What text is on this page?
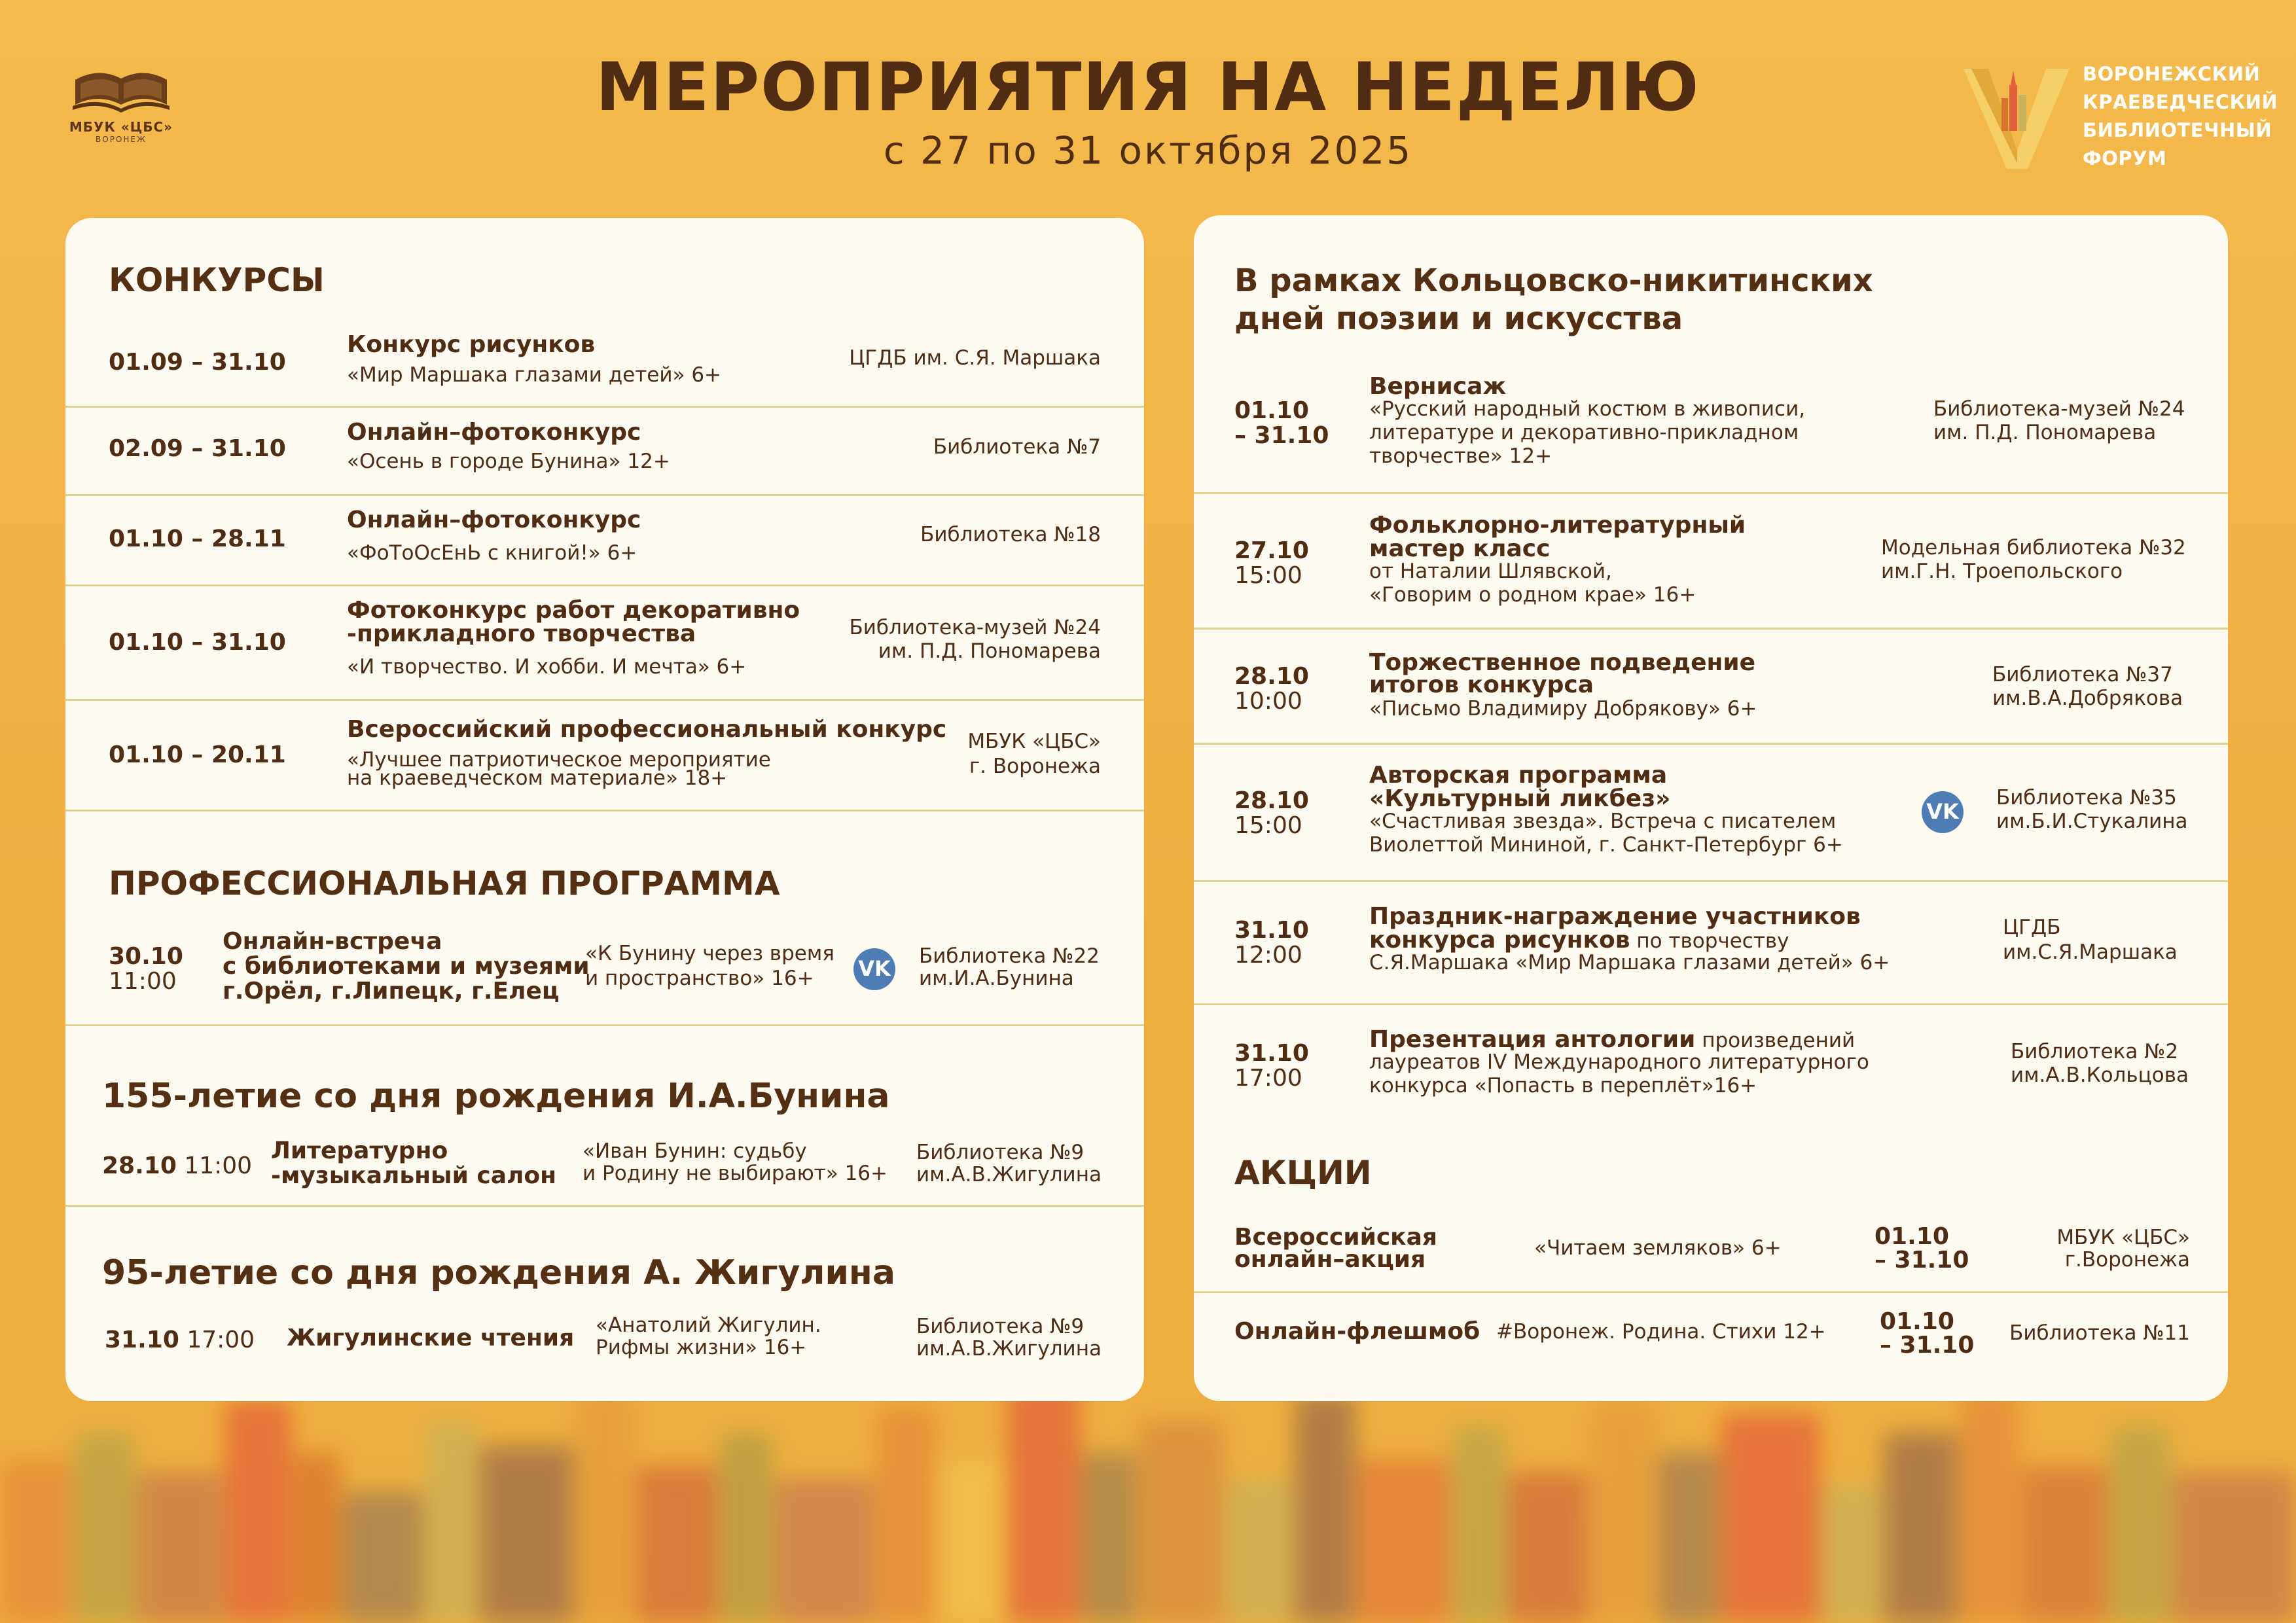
МБУК «ЦБС»
ВОРОНЕЖ
МЕРОПРИЯТИЯ НА НЕДЕЛЮ
с 27 по 31 октября 2025
ВОРОНЕЖСКИЙ
КРАЕВЕДЧЕСКИЙ
БИБЛИОТЕЧНЫЙ
ФОРУМ
КОНКУРСЫ
01.09 – 31.10
Конкурс рисунков
«Мир Маршака глазами детей» 6+
ЦГДБ им. С.Я. Маршака
02.09 – 31.10
Онлайн–фотоконкурс
«Осень в городе Бунина» 12+
Библиотека №7
01.10 – 28.11
Онлайн–фотоконкурс
«ФоТоОсЕнЬ с книгой!» 6+
Библиотека №18
01.10 – 31.10
Фотоконкурс работ декоративно
-прикладного творчества
«И творчество. И хобби. И мечта» 6+
Библиотека-музей №24
им. П.Д. Пономарева
01.10 – 20.11
Всероссийский профессиональный конкурс
«Лучшее патриотическое мероприятие
на краеведческом материале» 18+
МБУК «ЦБС»
г. Воронежа
ПРОФЕССИОНАЛЬНАЯ ПРОГРАММА
30.10
11:00
Онлайн-встреча
с библиотеками и музеями
г.Орёл, г.Липецк, г.Елец
«К Бунину через время
и пространство» 16+ VK Библиотека №22
им.И.А.Бунина
155-летие со дня рождения И.А.Бунина
28.10 11:00
Литературно
-музыкальный салон
«Иван Бунин: судьбу
и Родину не выбирают» 16+
Библиотека №9
им.А.В.Жигулина
95-летие со дня рождения А. Жигулина
31.10 17:00 Жигулинские чтения «Анатолий Жигулин.
Рифмы жизни» 16+
Библиотека №9
им.А.В.Жигулина
В рамках Кольцовско-никитинских
дней поэзии и искусства
01.10
– 31.10
Вернисаж
«Русский народный костюм в живописи,
литературе и декоративно-прикладном
творчестве» 12+
Библиотека-музей №24
им. П.Д. Пономарева
27.10
15:00
Фольклорно-литературный
мастер класс
от Наталии Шлявской,
«Говорим о родном крае» 16+
Модельная библиотека №32
им.Г.Н. Троепольского
28.10
10:00
Торжественное подведение
итогов конкурса
«Письмо Владимиру Добрякову» 6+
Библиотека №37
им.В.А.Добрякова
28.10
15:00
Авторская программа
«Культурный ликбез»
«Счастливая звезда». Встреча с писателем
Виолеттой Мининой, г. Санкт-Петербург 6+
VK
Библиотека №35
им.Б.И.Стукалина
31.10
12:00
Праздник-награждение участников
конкурса рисунков по творчеству
С.Я.Маршака «Мир Маршака глазами детей» 6+
ЦГДБ
им.С.Я.Маршака
31.10
17:00
Презентация антологии произведений
лауреатов IV Международного литературного
конкурса «Попасть в переплёт»16+
Библиотека №2
им.А.В.Кольцова
АКЦИИ
Всероссийская
онлайн–акция	«Читаем земляков» 6+	01.10
– 31.10
МБУК «ЦБС»
г.Воронежа
Онлайн-флешмоб #Воронеж. Родина. Стихи 12+ 01.10
– 31.10 Библиотека №11
